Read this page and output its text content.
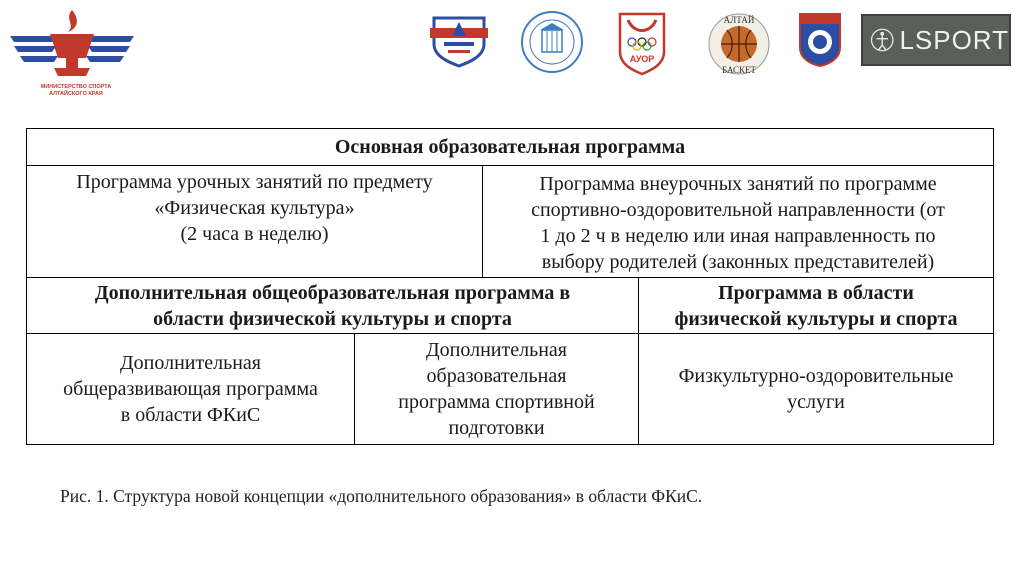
МИНИСТЕРСТВО СПОРТА
АЛТАЙСКОГО КРАЯ
АУОР
АЛТАЙ
БАСКЕТ
LSPORT
Основная образовательная программа
Программа урочных занятий по предмету
«Физическая культура»
(2 часа в неделю)
Программа внеурочных занятий по программе
спортивно-оздоровительной направленности (от
1 до 2 ч в неделю или иная направленность по
выбору родителей (законных представителей)
Дополнительная общеобразовательная программа в
области физической культуры и спорта
Программа в области
физической культуры и спорта
Дополнительная
общеразвивающая программа
в области ФКиС
Дополнительная
образовательная
программа спортивной
подготовки
Физкультурно-оздоровительные
услуги
Рис. 1. Структура новой концепции «дополнительного образования» в области ФКиС.
